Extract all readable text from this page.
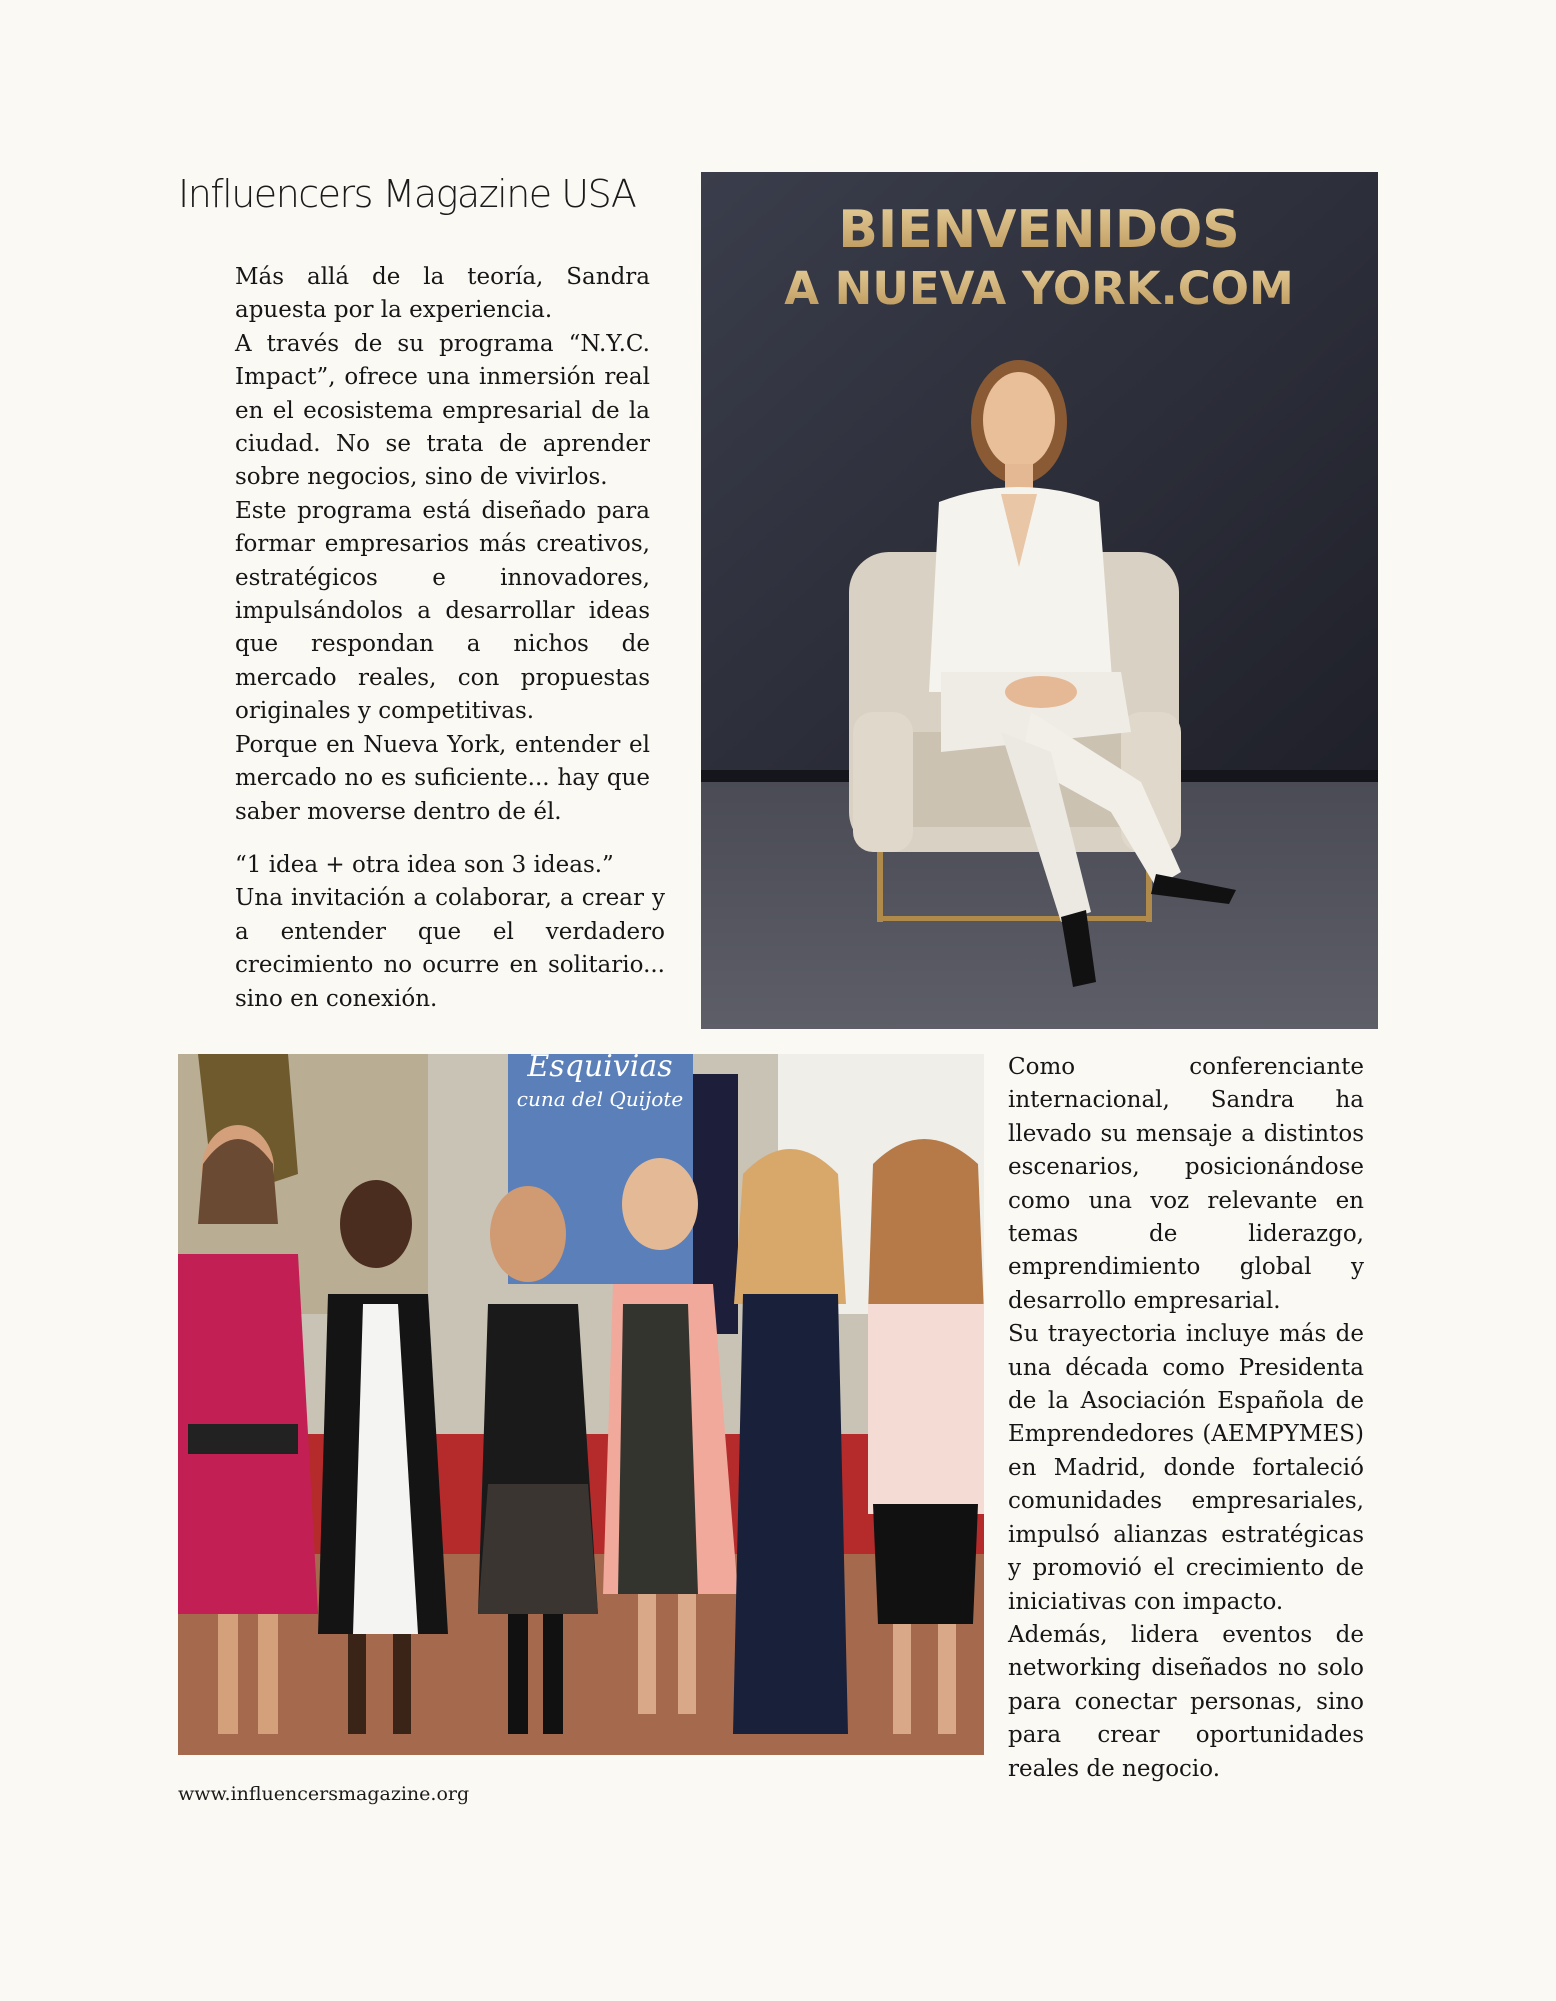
Influencers Magazine USA

Más allá de la teoría, Sandra apuesta por la experiencia.

A través de su programa “N.Y.C. Impact”, ofrece una inmersión real en el ecosistema empresarial de la ciudad. No se trata de aprender sobre negocios, sino de vivirlos.

Este programa está diseñado para formar empresarios más creativos, estratégicos e innovadores, impulsándolos a desarrollar ideas que respondan a nichos de mercado reales, con propuestas originales y competitivas.

Porque en Nueva York, entender el mercado no es suficiente... hay que saber moverse dentro de él.

“1 idea + otra idea son 3 ideas.”

Una invitación a colaborar, a crear y a entender que el verdadero crecimiento no ocurre en solitario... sino en conexión.

BIENVENIDOS
A NUEVA YORK.COM
Esquivias
cuna del Quijote

Como conferenciante internacional, Sandra ha llevado su mensaje a distintos escenarios, posicionándose como una voz relevante en temas de liderazgo, emprendimiento global y desarrollo empresarial.

Su trayectoria incluye más de una década como Presidenta de la Asociación Española de Emprendedores (AEMPYMES) en Madrid, donde fortaleció comunidades empresariales, impulsó alianzas estratégicas y promovió el crecimiento de iniciativas con impacto.

Además, lidera eventos de networking diseñados no solo para conectar personas, sino para crear oportunidades reales de negocio.

www.influencersmagazine.org
